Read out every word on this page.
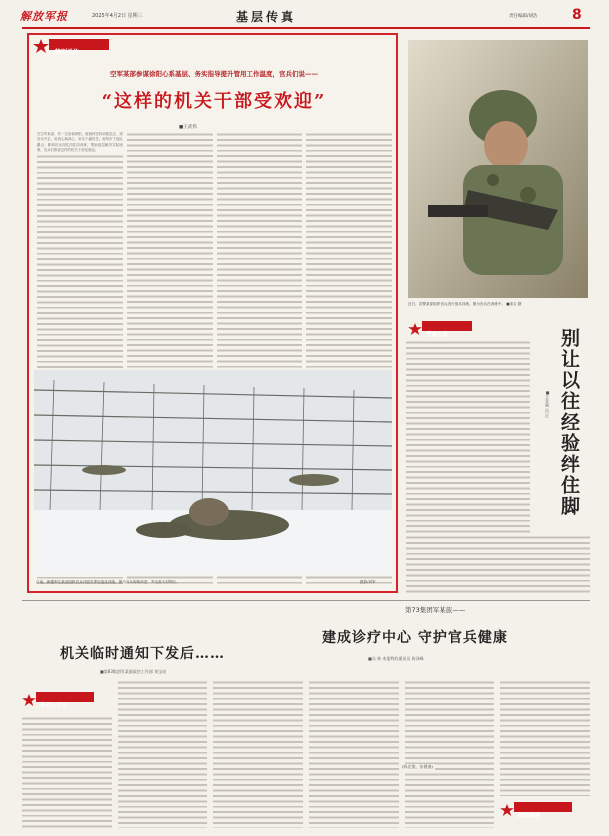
解放军报	2025年4月2日 星期三	基层传真	责任编辑/胡浩 8
特别关注
空军某部参谋徐阳心系基层、务实指导提升管用工作温度，官兵们说——
“这样的机关干部受欢迎”
■王武伟
在空军某部，有一位参谋徐阳，他始终坚持到基层去、到官兵中去，用真心换真心，用实干赢信任。他每次下连队蹲点，都和官兵同吃同住同训练，帮助基层解决实际困难，官兵们都说这样的机关干部受欢迎。
近日，武警某部组织官兵进行战术训练。图为官兵在训练中。 ■宋吉 摄
营连日志
■王亚斌 冯 正 别让以往经验绊住脚
日前，新疆军区某部组织官兵开展冬季实战化训练，图为官兵匍匐前进、突击敌火封锁区。	摄影/刘军
机关临时通知下发后……
■第83集团军某旅政治工作部 刘宝成
第73集团军某旅——
建成诊疗中心 守护官兵健康
■冯 林 本报特约通讯员 陈泽峰
(陈光俊、张健通)
带兵人手记
新闻前哨
